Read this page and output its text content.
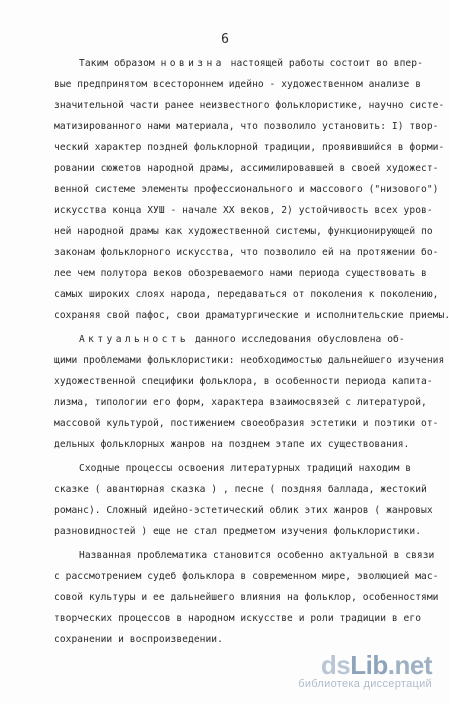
6
Таким образом новизна настоящей работы состоит во впер-
вые предпринятом всестороннем идейно - художественном анализе в
значительной части ранее неизвестного фольклористике, научно систе-
матизированного нами материала, что позволило установить: I) твор-
ческий характер поздней фольклорной традиции, проявившийся в форми-
ровании сюжетов народной драмы, ассимилировавшей в своей художест-
венной системе элементы профессионального и массового ("низового")
искусства конца ХУШ - начале XX веков, 2) устойчивость всех уров-
ней народной драмы как художественной системы, функционирующей по
законам фольклорного искусства, что позволило ей на протяжении бо-
лее чем полутора веков обозреваемого нами периода существовать в
самых широких слоях народа, передаваться от поколения к поколению,
сохраняя свой пафос, свои драматургические и исполнительские приемы.
Актуальность данного исследования обусловлена об-
щими проблемами фольклористики: необходимостью дальнейшего изучения
художественной специфики фольклора, в особенности периода капита-
лизма, типологии его форм, характера взаимосвязей с литературой,
массовой культурой, постижением своеобразия эстетики и поэтики от-
дельных фольклорных жанров на позднем этапе их существования.
Сходные процессы освоения литературных традиций находим в
сказке ( авантюрная сказка ) , песне ( поздняя баллада, жестокий
романс). Сложный идейно-эстетический облик этих жанров ( жанровых
разновидностей ) еще не стал предметом изучения фольклористики.
Названная проблематика становится особенно актуальной в связи
с рассмотрением судеб фольклора в современном мире, эволюцией мас-
совой культуры и ее дальнейшего влияния на фольклор, особенностями
творческих процессов в народном искусстве и роли традиции в его
сохранении и воспроизведении.
dsLib.net
библиотека диссертаций
